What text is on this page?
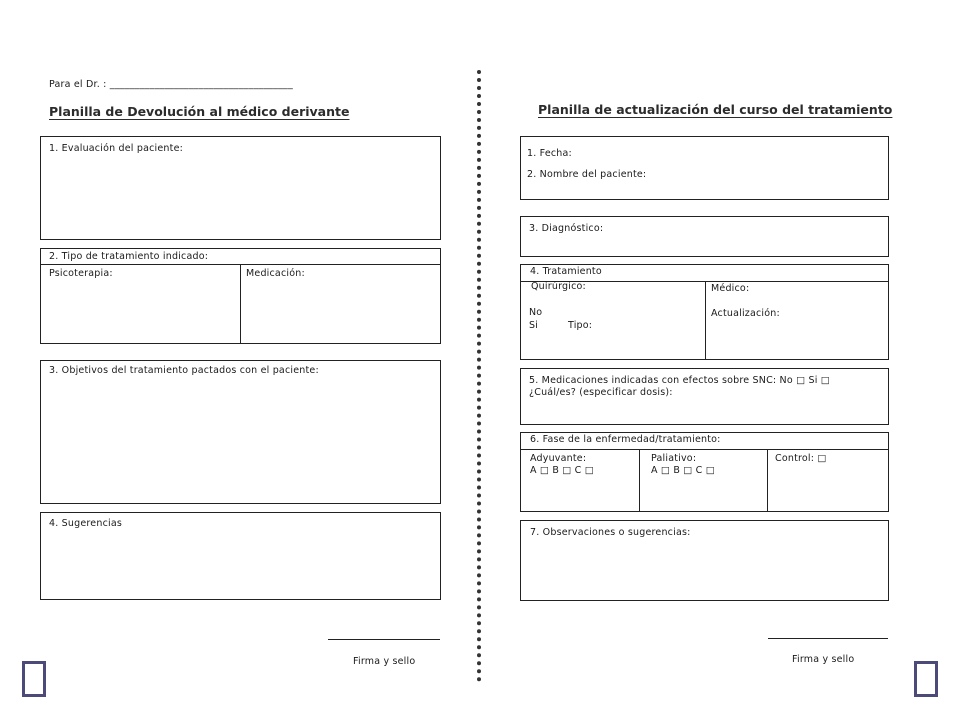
Para el Dr. : _____________________________________
Planilla de Devolución al médico derivante
1. Evaluación del paciente:
2. Tipo de tratamiento indicado:
Psicoterapia:	Medicación:
3. Objetivos del tratamiento pactados con el paciente:
4. Sugerencias
Firma y sello
Planilla de actualización del curso del tratamiento
1. Fecha:
2. Nombre del paciente:
3. Diagnóstico:
4. Tratamiento
Quirúrgico:
No
Si	Tipo:
Médico:
Actualización:
5. Medicaciones indicadas con efectos sobre SNC: No □ Si □
¿Cuál/es? (especificar dosis):
6. Fase de la enfermedad/tratamiento:
Adyuvante:
A □ B □ C □
Paliativo:
A □ B □ C □
Control: □
7. Observaciones o sugerencias:
Firma y sello
